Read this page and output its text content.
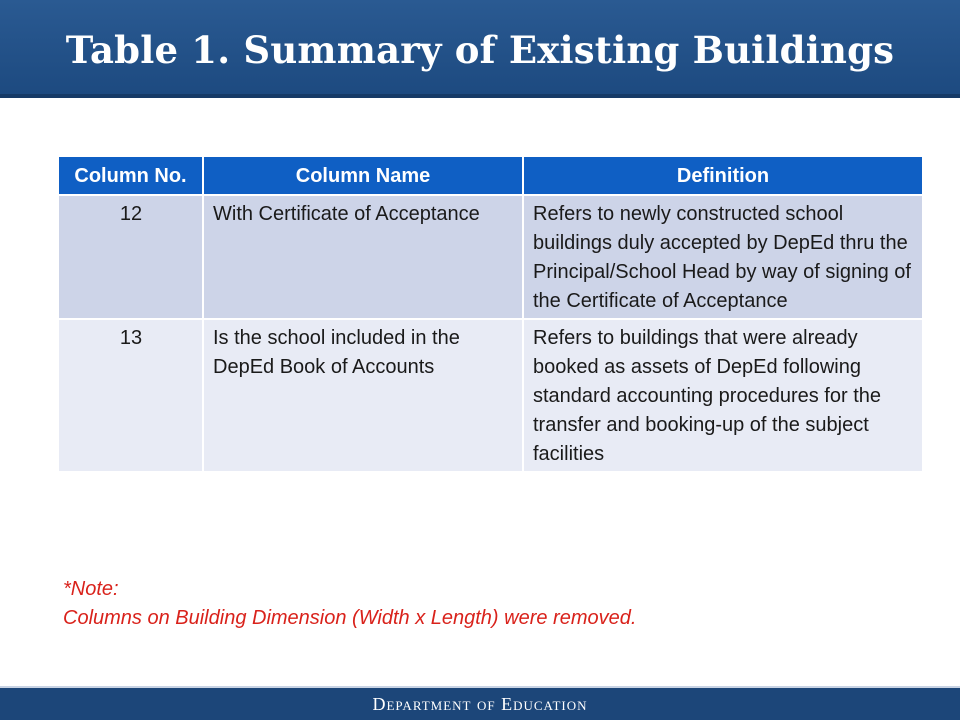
Table 1. Summary of Existing Buildings
Column No.	Column Name	Definition
12	With Certificate of Acceptance	Refers to newly constructed school buildings duly accepted by DepEd thru the Principal/School Head by way of signing of the Certificate of Acceptance
13	Is the school included in the DepEd Book of Accounts	Refers to buildings that were already booked as assets of DepEd following standard accounting procedures for the transfer and booking-up of the subject facilities
*Note:
Columns on Building Dimension (Width x Length) were removed.
Department of Education
